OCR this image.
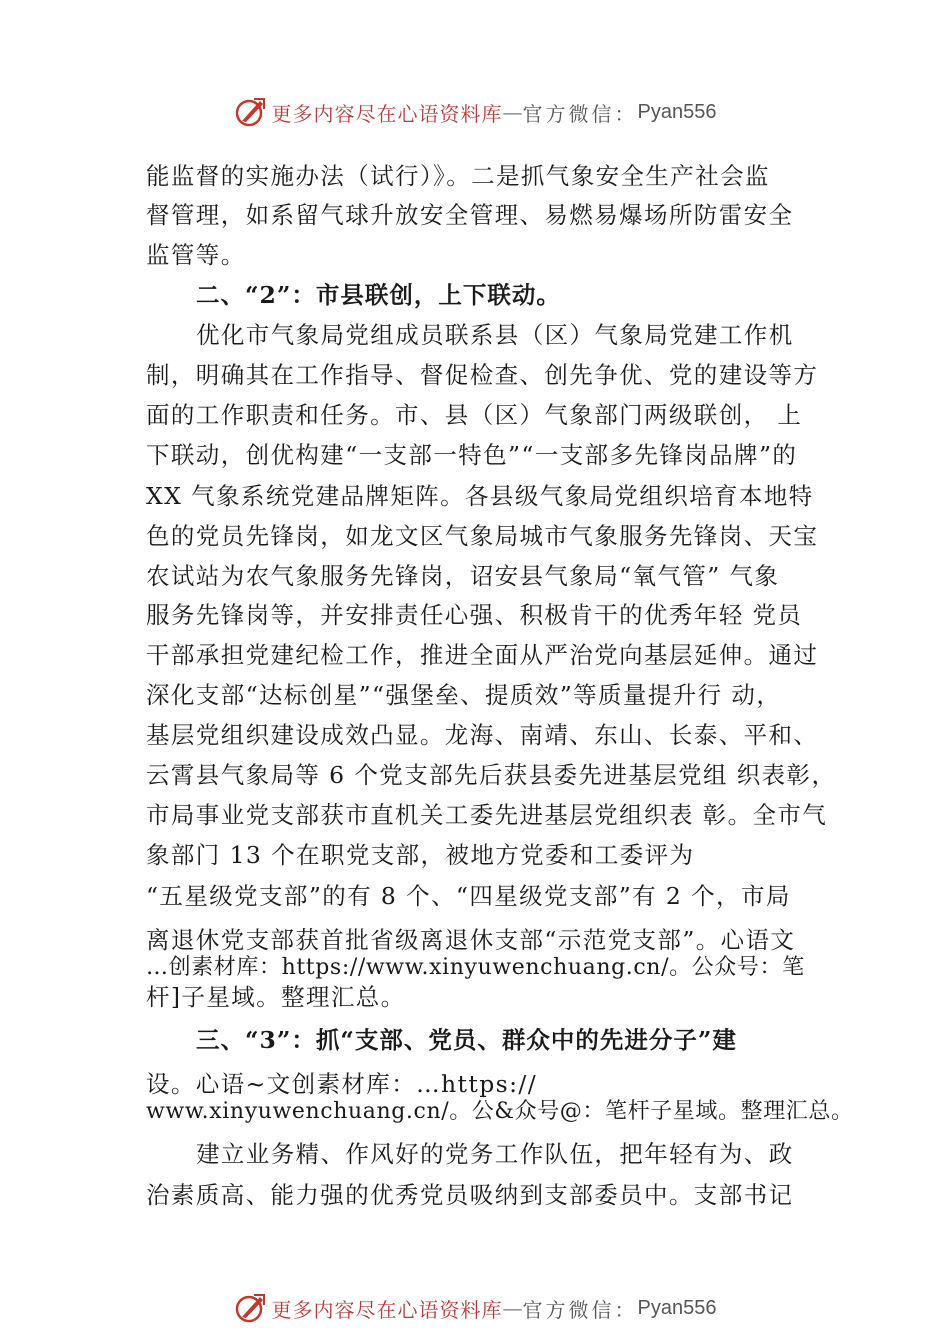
更多内容尽在心语资料库 — 官方微信： Pyan556
能监督的实施办法（试行）》。二是抓气象安全生产社会监
督管理，如系留气球升放安全管理、易燃易爆场所防雷安全
监管等。
二、“2”：市县联创，上下联动。
优化市气象局党组成员联系县（区）气象局党建工作机
制，明确其在工作指导、督促检查、创先争优、党的建设等方
面的工作职责和任务。市、县（区）气象部门两级联创， 上
下联动，创优构建“一支部一特色”“一支部多先锋岗品牌”的
XX 气象系统党建品牌矩阵。各县级气象局党组织培育本地特
色的党员先锋岗，如龙文区气象局城市气象服务先锋岗、天宝
农试站为农气象服务先锋岗，诏安县气象局“氧气管” 气象
服务先锋岗等，并安排责任心强、积极肯干的优秀年轻 党员
干部承担党建纪检工作，推进全面从严治党向基层延伸。通过
深化支部“达标创星”“强堡垒、提质效”等质量提升行 动，
基层党组织建设成效凸显。龙海、南靖、东山、长泰、平和、
云霄县气象局等 6 个党支部先后获县委先进基层党组 织表彰，
市局事业党支部获市直机关工委先进基层党组织表 彰。全市气
象部门 13 个在职党支部，被地方党委和工委评为
“五星级党支部”的有 8 个、“四星级党支部”有 2 个，市局
离退休党支部获首批省级离退休支部“示范党支部”。心语文
…创素材库：https://www.xinyuwenchuang.cn/。公众号：笔
杆]子星域。整理汇总。
三、“3”：抓“支部、党员、群众中的先进分子”建
设。心语~文创素材库：…https://
www.xinyuwenchuang.cn/。公&众号@：笔杆子星域。整理汇总。
建立业务精、作风好的党务工作队伍，把年轻有为、政
治素质高、能力强的优秀党员吸纳到支部委员中。支部书记
更多内容尽在心语资料库 — 官方微信： Pyan556
